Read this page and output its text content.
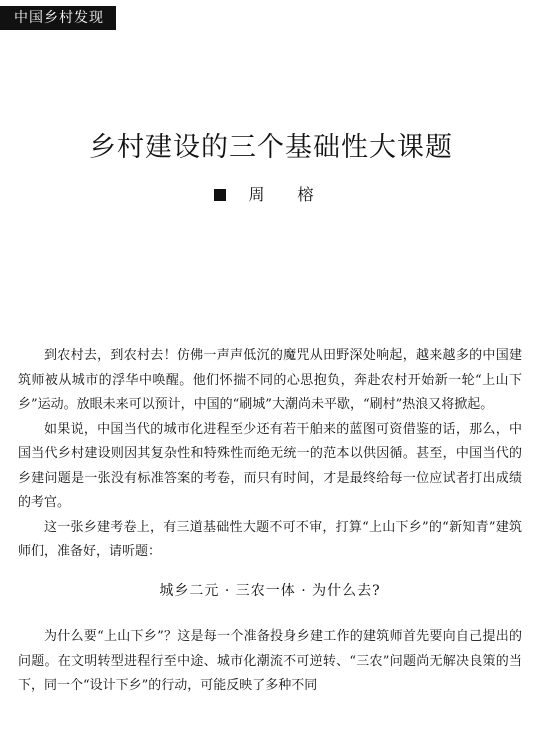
中国乡村发现
乡村建设的三个基础性大课题
周 榕

到农村去，到农村去！仿佛一声声低沉的魔咒从田野深处响起，越来越多的中国建筑师被从城市的浮华中唤醒。他们怀揣不同的心思抱负，奔赴农村开始新一轮“上山下乡”运动。放眼未来可以预计，中国的“刷城”大潮尚未平歇，“刷村”热浪又将掀起。

如果说，中国当代的城市化进程至少还有若干舶来的蓝图可资借鉴的话，那么，中国当代乡村建设则因其复杂性和特殊性而绝无统一的范本以供因循。甚至，中国当代的乡建问题是一张没有标准答案的考卷，而只有时间，才是最终给每一位应试者打出成绩的考官。

这一张乡建考卷上，有三道基础性大题不可不审，打算“上山下乡”的“新知青”建筑师们，准备好，请听题：

城乡二元 · 三农一体 · 为什么去?

为什么要“上山下乡”？这是每一个准备投身乡建工作的建筑师首先要向自己提出的问题。在文明转型进程行至中途、城市化潮流不可逆转、“三农”问题尚无解决良策的当下，同一个“设计下乡”的行动，可能反映了多种不同
